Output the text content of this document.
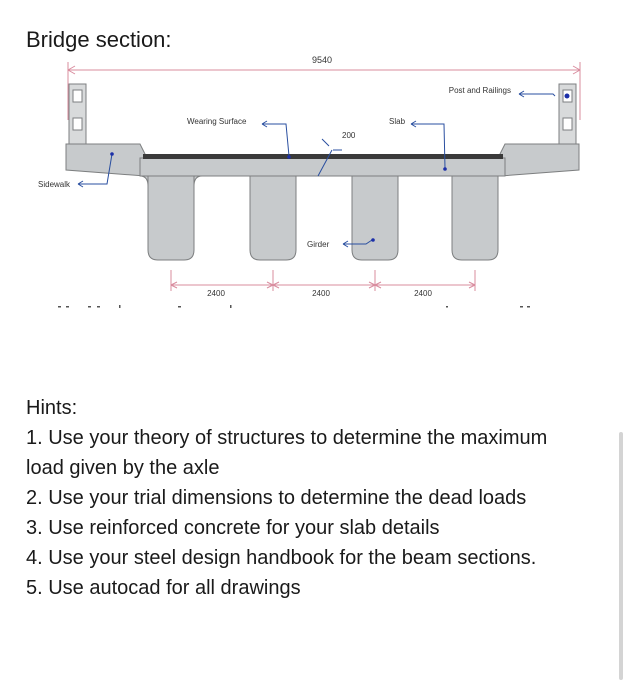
Bridge section:
9540
Post and Railings
Wearing Surface	Slab
200
Sidewalk
Girder
2400	2400	2400

Hints:

1. Use your theory of structures to determine the maximum load given by the axle

2. Use your trial dimensions to determine the dead loads

3. Use reinforced concrete for your slab details

4. Use your steel design handbook for the beam sections.

5. Use autocad for all drawings
